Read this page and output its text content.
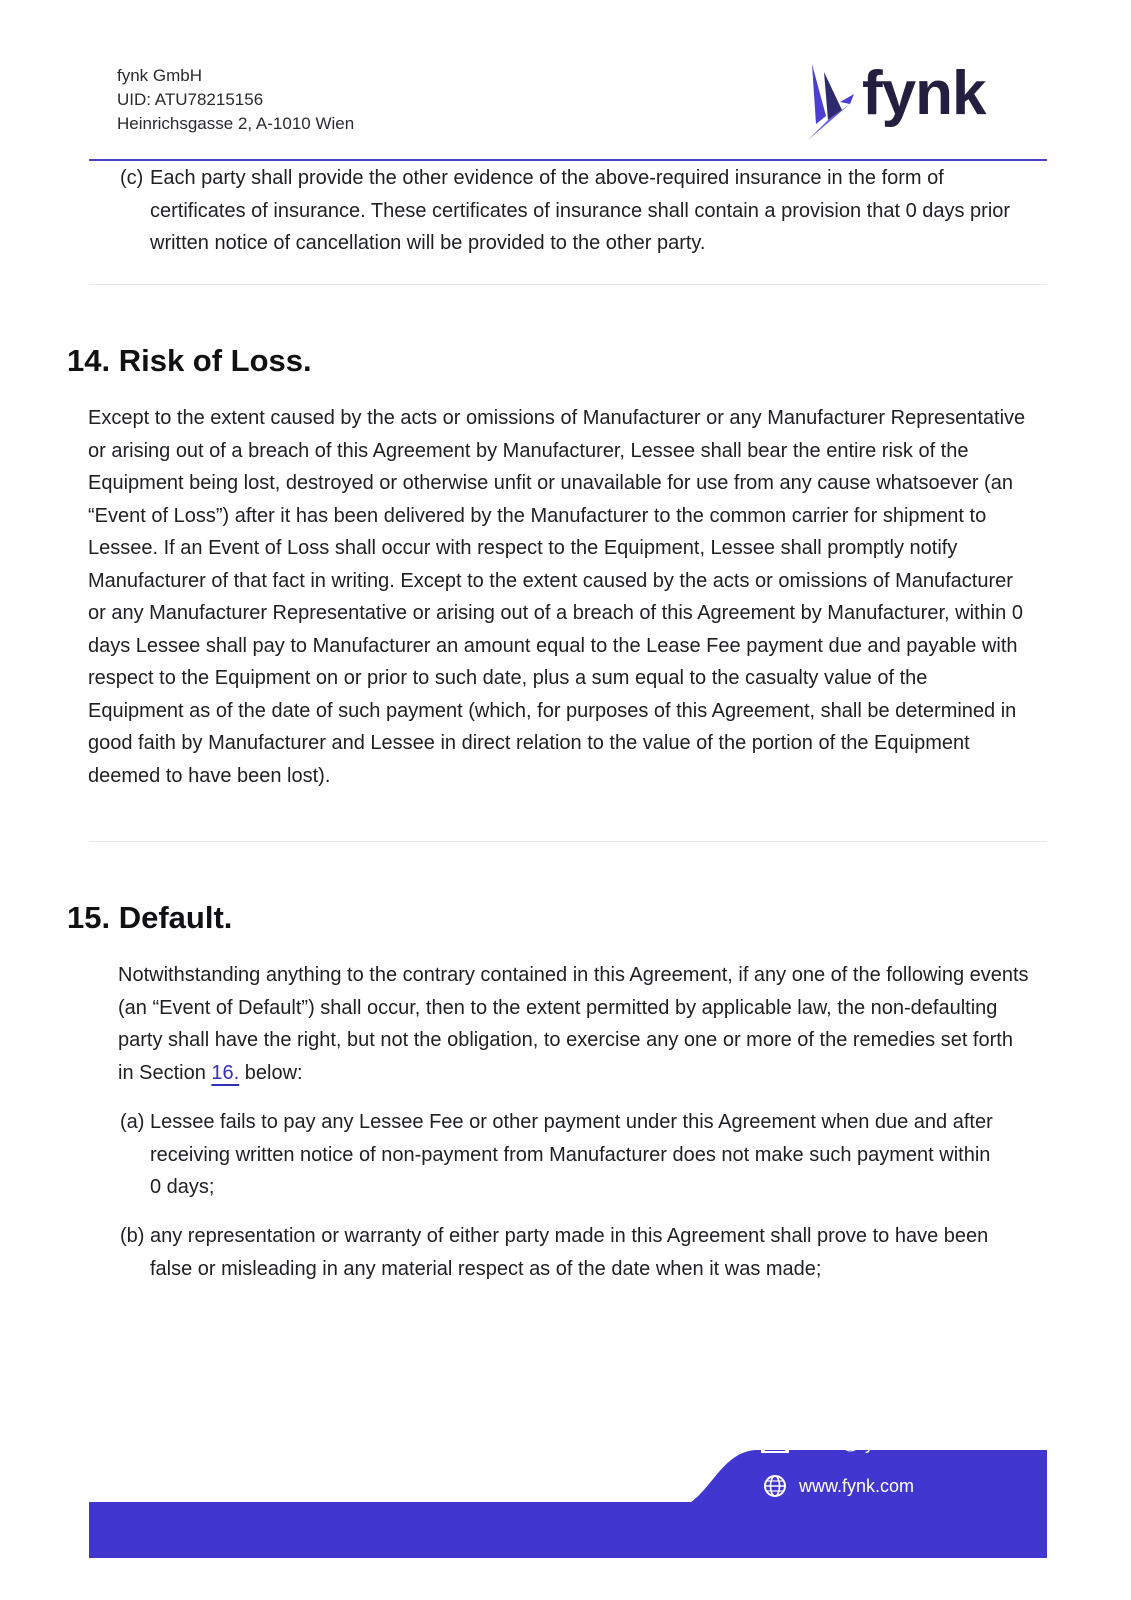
fynk GmbH
UID: ATU78215156
Heinrichsgasse 2, A-1010 Wien	fynk
(c) Each party shall provide the other evidence of the above-required insurance in the form of certificates of insurance. These certificates of insurance shall contain a provision that 0 days prior written notice of cancellation will be provided to the other party.
14. Risk of Loss.
Except to the extent caused by the acts or omissions of Manufacturer or any Manufacturer Representative or arising out of a breach of this Agreement by Manufacturer, Lessee shall bear the entire risk of the Equipment being lost, destroyed or otherwise unfit or unavailable for use from any cause whatsoever (an “Event of Loss”) after it has been delivered by the Manufacturer to the common carrier for shipment to Lessee. If an Event of Loss shall occur with respect to the Equipment, Lessee shall promptly notify Manufacturer of that fact in writing. Except to the extent caused by the acts or omissions of Manufacturer or any Manufacturer Representative or arising out of a breach of this Agreement by Manufacturer, within 0 days Lessee shall pay to Manufacturer an amount equal to the Lease Fee payment due and payable with respect to the Equipment on or prior to such date, plus a sum equal to the casualty value of the Equipment as of the date of such payment (which, for purposes of this Agreement, shall be determined in good faith by Manufacturer and Lessee in direct relation to the value of the portion of the Equipment deemed to have been lost).
15. Default.
Notwithstanding anything to the contrary contained in this Agreement, if any one of the following events (an “Event of Default”) shall occur, then to the extent permitted by applicable law, the non-defaulting party shall have the right, but not the obligation, to exercise any one or more of the remedies set forth in Section 16. below:
(a) Lessee fails to pay any Lessee Fee or other payment under this Agreement when due and after receiving written notice of non-payment from Manufacturer does not make such payment within 0 days;
(b) any representation or warranty of either party made in this Agreement shall prove to have been false or misleading in any material respect as of the date when it was made;
office@fynk.com
www.fynk.com
